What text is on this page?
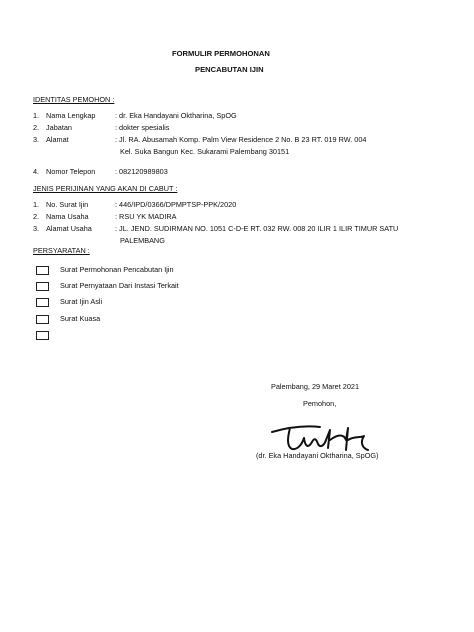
FORMULIR PERMOHONAN
PENCABUTAN IJIN
IDENTITAS PEMOHON :
1. Nama Lengkap	: dr. Eka Handayani Oktharina, SpOG
2. Jabatan	: dokter spesialis
3. Alamat	: Jl. RA. Abusamah Komp. Palm View Residence 2 No. B 23 RT. 019 RW. 004
Kel. Suka Bangun Kec. Sukarami Palembang 30151
4. Nomor Telepon	: 082120989803
JENIS PERIJINAN YANG AKAN DI CABUT :
1. No. Surat Ijin	: 446/IPD/0366/DPMPTSP-PPK/2020
2. Nama Usaha	: RSU YK MADIRA
3. Alamat Usaha	: JL. JEND. SUDIRMAN NO. 1051 C-D-E RT. 032 RW. 008 20 ILIR 1 ILIR TIMUR SATU
PALEMBANG
PERSYARATAN :
Surat Permohonan Pencabutan Ijin
Surat Pernyataan Dari Instasi Terkait
Surat Ijin Asli
Surat Kuasa
Palembang, 29 Maret 2021
Pemohon,
(dr. Eka Handayani Oktharina, SpOG)
